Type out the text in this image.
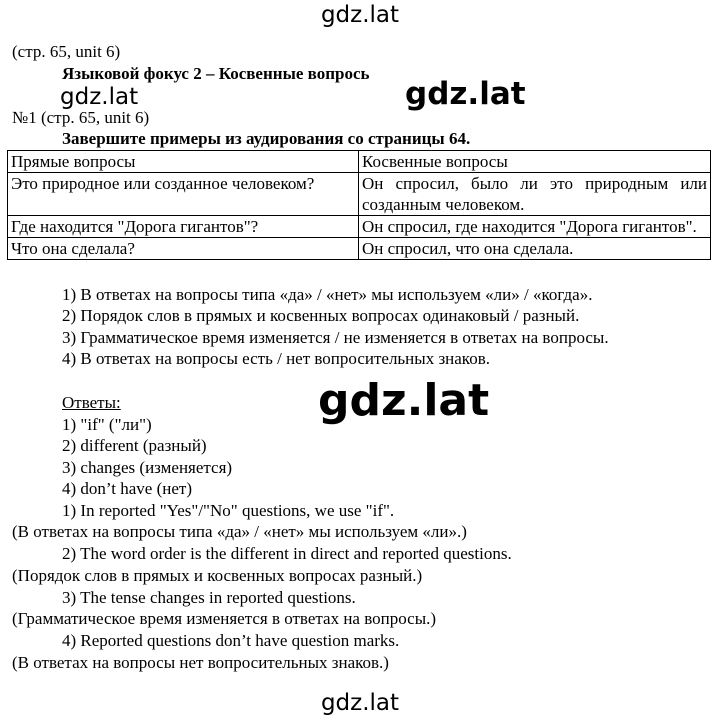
gdz.lat
gdz.lat	gdz.lat
gdz.lat
gdz.lat
(стр. 65, unit 6)
Языковой фокус 2 – Косвенные вопрось
№1 (стр. 65, unit 6)
Завершите примеры из аудирования со страницы 64.
Прямые вопросы	Косвенные вопросы
Это природное или созданное человеком?	Он спросил, было ли это природным или созданным человеком.
Где находится "Дорога гигантов"?	Он спросил, где находится "Дорога гигантов".
Что она сделала?	Он спросил, что она сделала.
1) В ответах на вопросы типа «да» / «нет» мы используем «ли» / «когда».
2) Порядок слов в прямых и косвенных вопросах одинаковый / разный.
3) Грамматическое время изменяется / не изменяется в ответах на вопросы.
4) В ответах на вопросы есть / нет вопросительных знаков.
Ответы:
1) "if" ("ли")
2) different (разный)
3) changes (изменяется)
4) don’t have (нет)
1) In reported "Yes"/"No" questions, we use "if".
(В ответах на вопросы типа «да» / «нет» мы используем «ли».)
2) The word order is the different in direct and reported questions.
(Порядок слов в прямых и косвенных вопросах разный.)
3) The tense changes in reported questions.
(Грамматическое время изменяется в ответах на вопросы.)
4) Reported questions don’t have question marks.
(В ответах на вопросы нет вопросительных знаков.)
